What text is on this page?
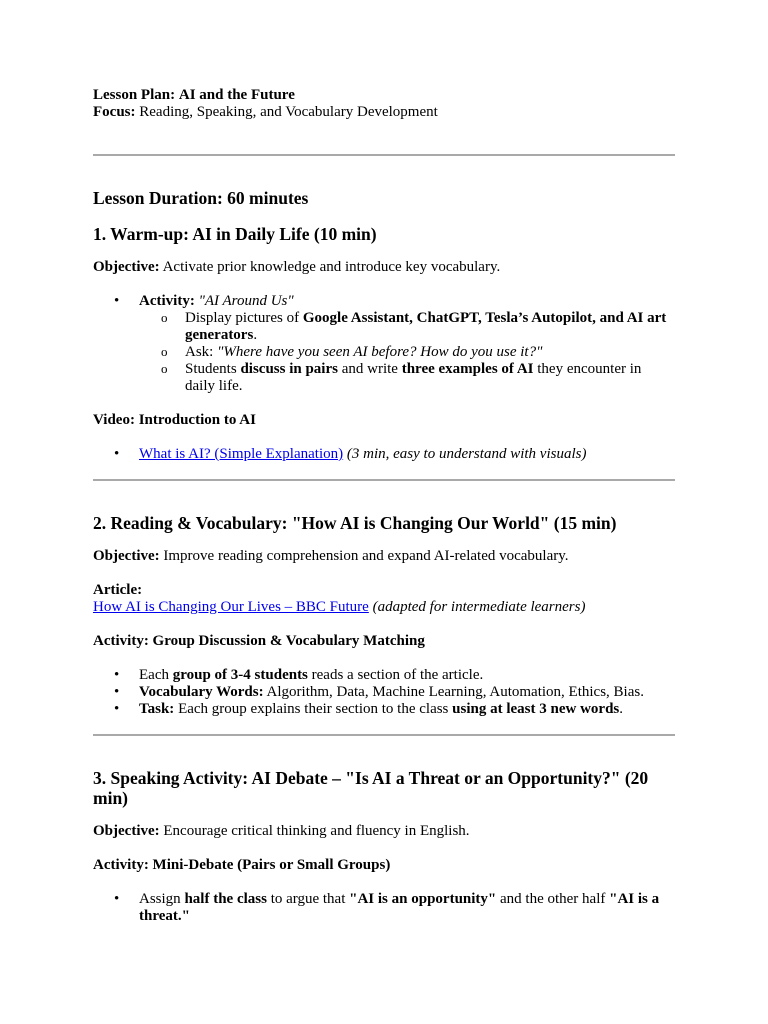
Lesson Plan: AI and the Future

Focus: Reading, Speaking, and Vocabulary Development

Lesson Duration: 60 minutes
1. Warm-up: AI in Daily Life (10 min)

Objective: Activate prior knowledge and introduce key vocabulary.

• Activity: "AI Around Us"
o Display pictures of Google Assistant, ChatGPT, Tesla’s Autopilot, and AI art generators.
o Ask: "Where have you seen AI before? How do you use it?"
o Students discuss in pairs and write three examples of AI they encounter in daily life.
Video: Introduction to AI
• What is AI? (Simple Explanation) (3 min, easy to understand with visuals)
2. Reading & Vocabulary: "How AI is Changing Our World" (15 min)

Objective: Improve reading comprehension and expand AI-related vocabulary.

Article:

How AI is Changing Our Lives – BBC Future (adapted for intermediate learners)

Activity: Group Discussion & Vocabulary Matching
• Each group of 3-4 students reads a section of the article.
• Vocabulary Words: Algorithm, Data, Machine Learning, Automation, Ethics, Bias.
• Task: Each group explains their section to the class using at least 3 new words.
3. Speaking Activity: AI Debate – "Is AI a Threat or an Opportunity?" (20 min)

Objective: Encourage critical thinking and fluency in English.

Activity: Mini-Debate (Pairs or Small Groups)
• Assign half the class to argue that "AI is an opportunity" and the other half "AI is a threat."
